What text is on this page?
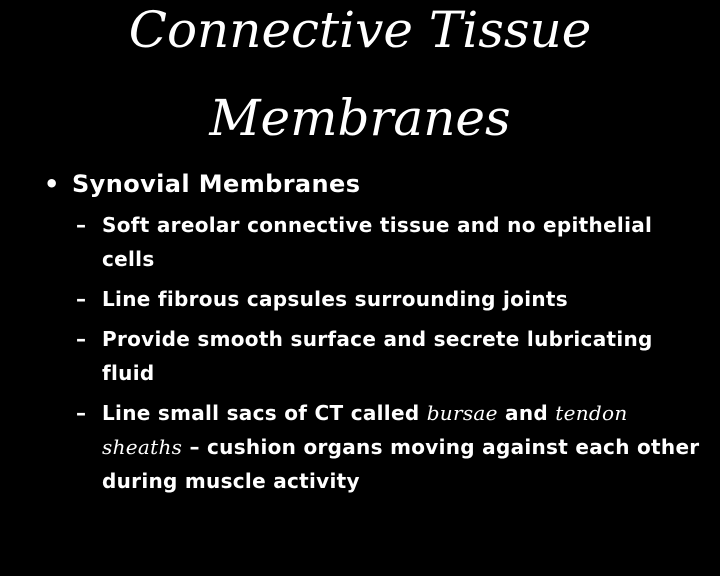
Connective Tissue
Membranes
• Synovial Membranes
– Soft areolar connective tissue and no epithelial cells
– Line fibrous capsules surrounding joints
– Provide smooth surface and secrete lubricating fluid
– Line small sacs of CT called bursae and tendon sheaths – cushion organs moving against each other during muscle activity
